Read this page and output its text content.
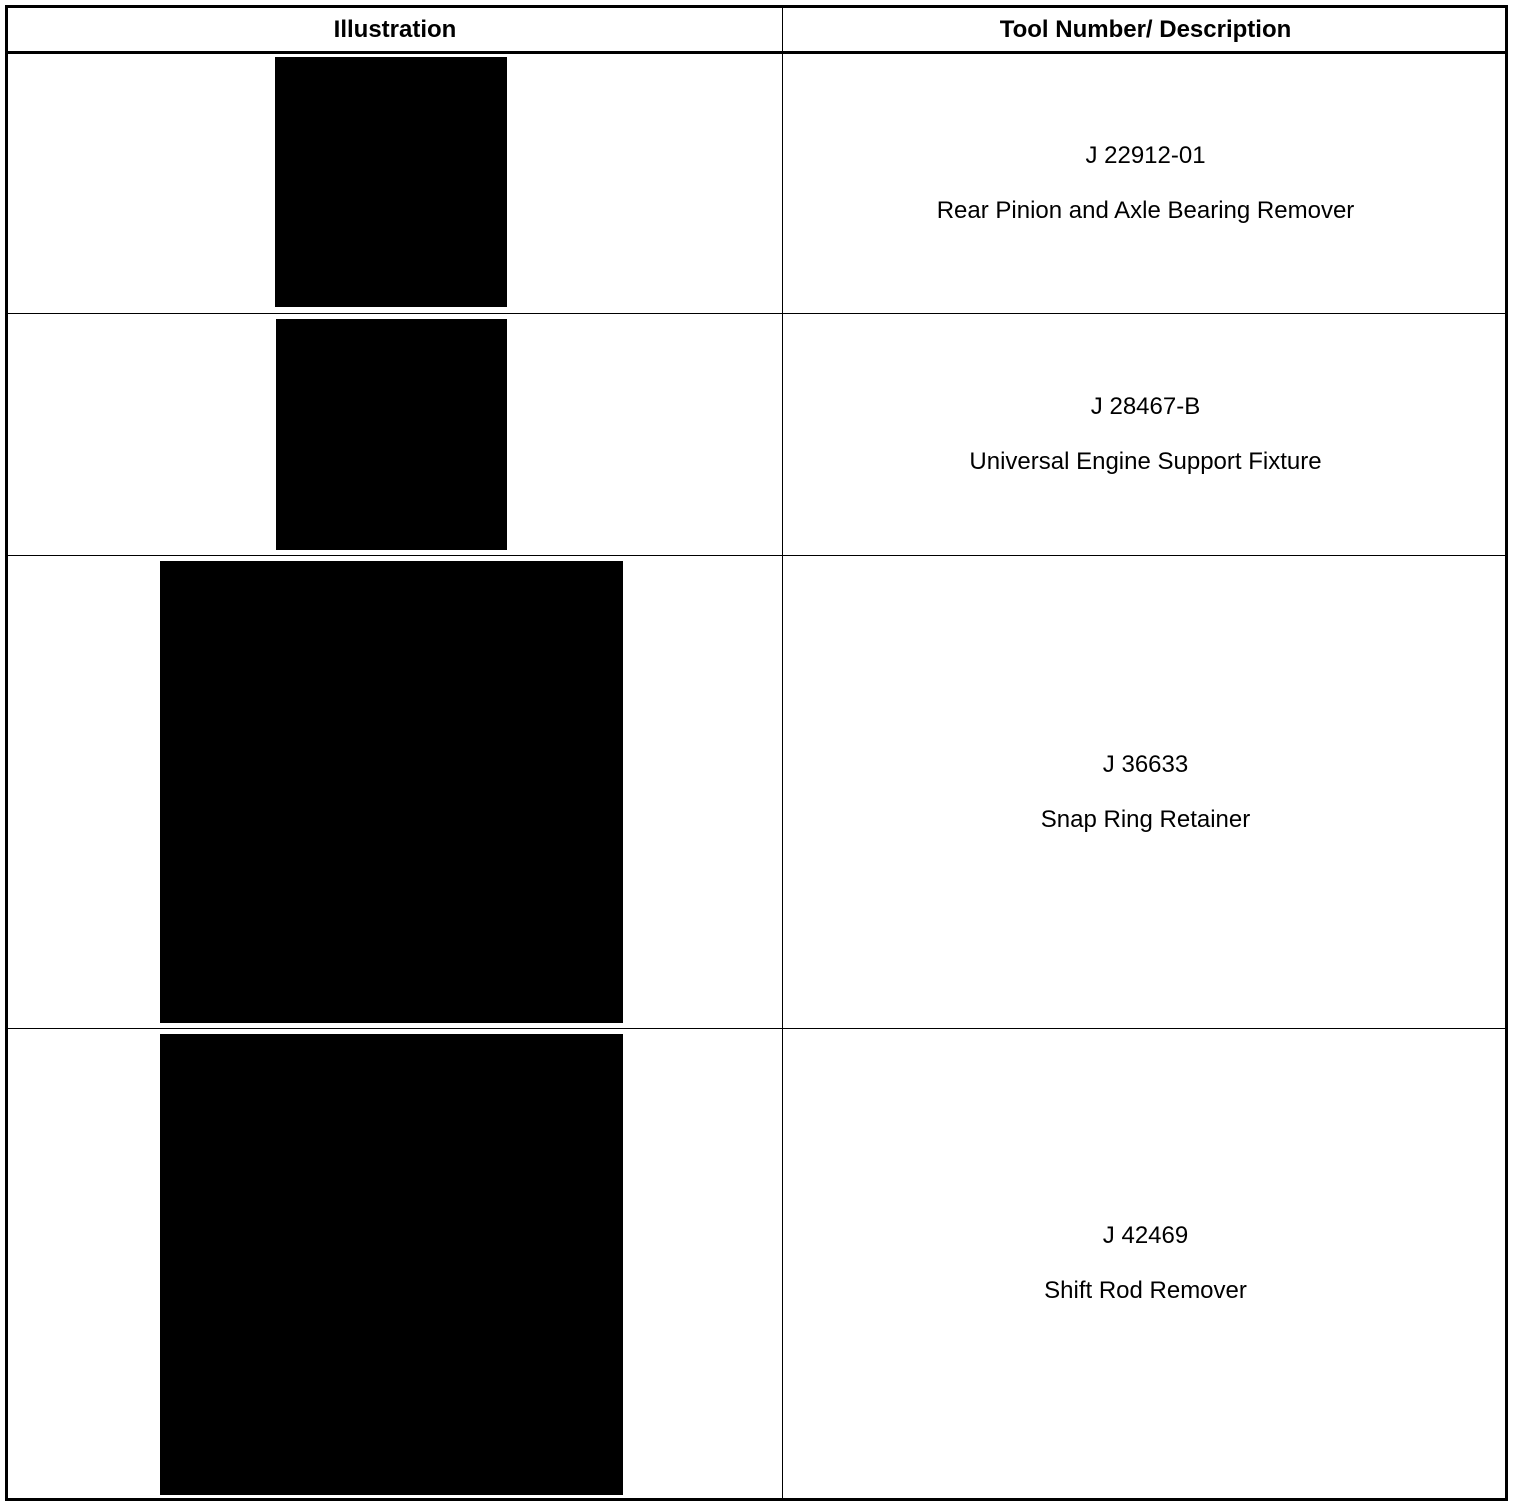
Illustration	Tool Number/ Description
J 22912-01
Rear Pinion and Axle Bearing Remover
J 28467-B
Universal Engine Support Fixture
J 36633
Snap Ring Retainer
J 42469
Shift Rod Remover
